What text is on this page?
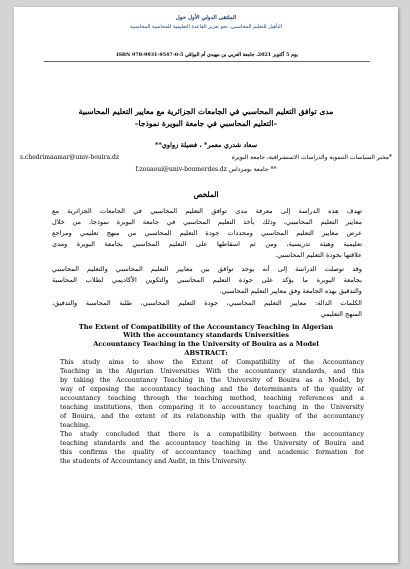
الملتقى الدولي الأول حول
التأهيل للتعليم المحاسبي: نحو تعزيز القاعدة التعليمية للمحاسبة المحاسبية
يوم 5 أكتوبر 2021، جامعة العربي بن مهيدي أم البواقي ISBN 978-9931-9547-0-5
مدى توافق التعليم المحاسبي في الجامعات الجزائرية مع معايير التعليم المحاسبية
–التعليم المحاسبي في جامعة البويرة نموذجا–
سعاد شدري معمر* ، فضيلة زواوي**
s.chedrimaamar@univ-bouira.dz	*مخبر السياسات التنموية والدراسات الاستشرافية، جامعة البويرة
f.zouaoui@univ-boumerdes.dz ** جامعة بومرداس
الملخص
تهدف هذه الدراسة إلى معرفة مدى توافق التعليم المحاسبي في الجامعات الجزائرية مع
معايير التعليم المحاسبي، وذلك بأخذ التعليم المحاسبي في جامعة البويرة نموذجا، من خلال
عرض معايير التعليم المحاسبي ومحددات جودة التعليم المحاسبي من منهج تعليمي ومراجع
تعليمية وهيئة تدريسية، ومن ثم اسقاطها على التعليم المحاسبي بجامعة البويرة ومدى
علاقتها بجودة التعليم المحاسبي.
وقد توصلت الدراسة إلى أنه يوجد توافق بين معايير التعليم المحاسبي والتعليم المحاسبي
بجامعة البويرة ما يؤكد على جودة التعليم المحاسبي والتكوين الأكاديمي لطلاب المحاسبة
والتدقيق بهذه الجامعة وفق معايير التعليم المحاسبي.
الكلمات الدالة: معايير التعليم المحاسبي، جودة التعليم المحاسبي، طلبة المحاسبة والتدقيق،
المنهج التعليمي
The Extent of Compatibility of the Accountancy Teaching in Algerian
With the accountancy standards Universities
Accountancy Teaching in the University of Bouira as a Model
ABSTRACT:
This study aims to show the Extent of Compatibility of the Accountancy
Teaching in the Algerian Universities With the accountancy standards, and this
by taking the Accountancy Teaching in the University of Bouira as a Model, by
way of exposing the accountancy teaching and the determinants of the quality of
accountancy teaching through the teaching method, teaching references and a
teaching institutions, then comparing it to accountancy teaching in the University
of Bouira, and the extent of its relationship with the quality of the accountancy
teaching.
The study concluded that there is a compatibility between the accountancy
teaching standards and the accountancy teaching in the University of Bouira and
this confirms the quality of accountancy teaching and academic formation for
the students of Accountancy and Audit, in this University.
